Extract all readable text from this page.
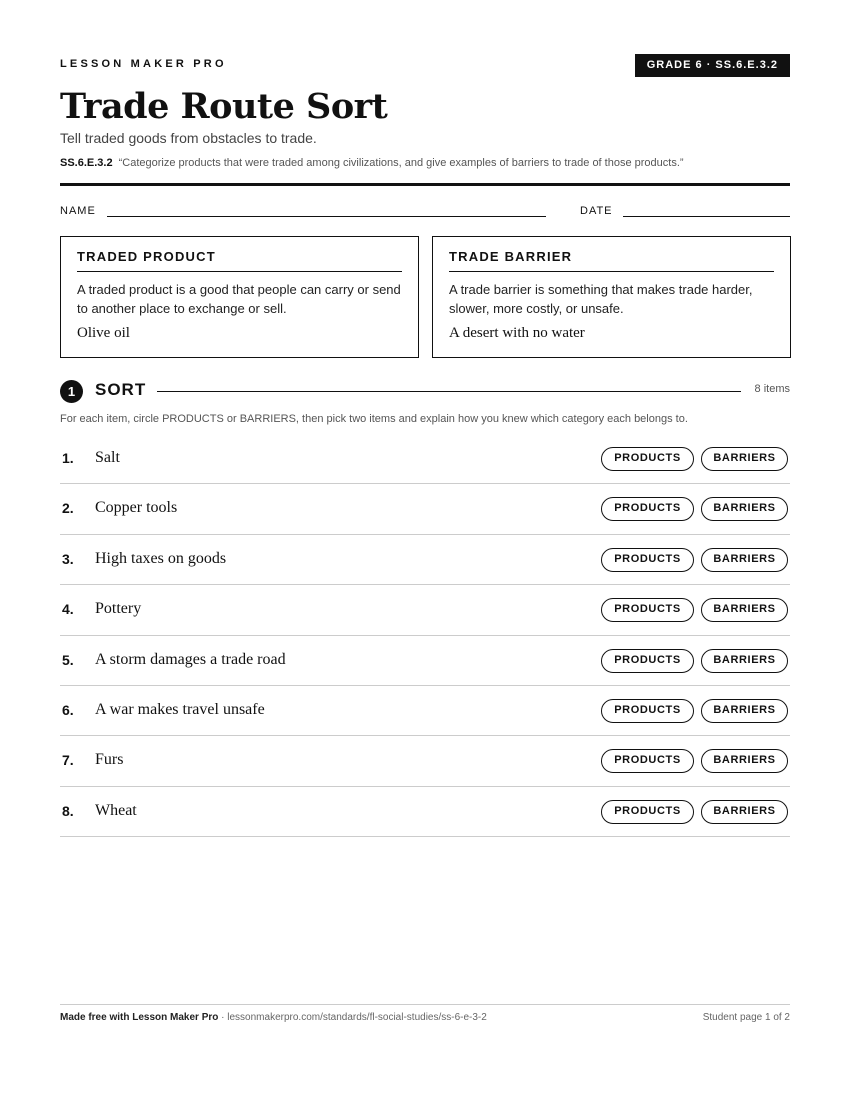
LESSON MAKER PRO	GRADE 6 · SS.6.E.3.2
Trade Route Sort
Tell traded goods from obstacles to trade.
SS.6.E.3.2 “Categorize products that were traded among civilizations, and give examples of barriers to trade of those products.”
NAME	DATE
TRADED PRODUCT
A traded product is a good that people can carry or send to another place to exchange or sell.
Olive oil
TRADE BARRIER
A trade barrier is something that makes trade harder, slower, more costly, or unsafe.
A desert with no water
1	SORT	8 items
For each item, circle PRODUCTS or BARRIERS, then pick two items and explain how you knew which category each belongs to.
1. Salt	PRODUCTS	BARRIERS
2. Copper tools	PRODUCTS	BARRIERS
3. High taxes on goods	PRODUCTS	BARRIERS
4. Pottery	PRODUCTS	BARRIERS
5. A storm damages a trade road	PRODUCTS	BARRIERS
6. A war makes travel unsafe	PRODUCTS	BARRIERS
7. Furs	PRODUCTS	BARRIERS
8. Wheat	PRODUCTS	BARRIERS
Made free with Lesson Maker Pro · lessonmakerpro.com/standards/fl-social-studies/ss-6-e-3-2	Student page 1 of 2
